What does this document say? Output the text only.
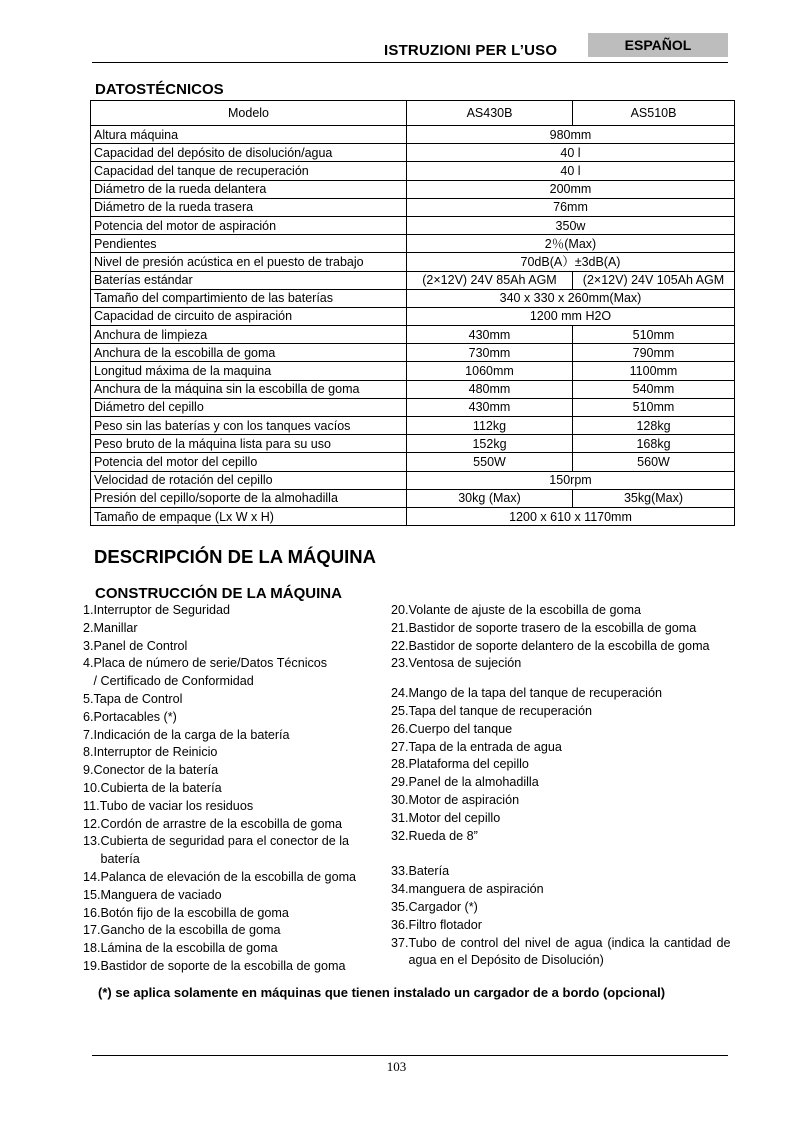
ISTRUZIONI PER L’USO	ESPAÑOL
DATOSTÉCNICOS
Modelo	AS430B	AS510B
Altura máquina	980mm	
Capacidad del depósito de disolución/agua	40 l	
Capacidad del tanque de recuperación	40 l	
Diámetro de la rueda delantera	200mm	
Diámetro de la rueda trasera	76mm	
Potencia del motor de aspiración	350w	
Pendientes	2％(Max)	
Nivel de presión acústica en el puesto de trabajo	70dB(A）±3dB(A)	
Baterías estándar	(2×12V) 24V 85Ah AGM	(2×12V) 24V 105Ah AGM
Tamaño del compartimiento de las baterías	340 x 330 x 260mm(Max)	
Capacidad de circuito de aspiración	1200 mm H2O	
Anchura de limpieza	430mm	510mm
Anchura de la escobilla de goma	730mm	790mm
Longitud máxima de la maquina	1060mm	1100mm
Anchura de la máquina sin la escobilla de goma	480mm	540mm
Diámetro del cepillo	430mm	510mm
Peso sin las baterías y con los tanques vacíos	112kg	128kg
Peso bruto de la máquina lista para su uso	152kg	168kg
Potencia del motor del cepillo	550W	560W
Velocidad de rotación del cepillo	150rpm	
Presión del cepillo/soporte de la almohadilla	30kg (Max)	35kg(Max)
Tamaño de empaque (Lx W x H)	1200 x 610 x 1170mm	
DESCRIPCIÓN DE LA MÁQUINA
CONSTRUCCIÓN DE LA MÁQUINA
1. Interruptor de Seguridad
2. Manillar
3. Panel de Control
4. Placa de número de serie/Datos Técnicos
/ Certificado de Conformidad
5. Tapa de Control
6. Portacables (*)
7. Indicación de la carga de la batería
8. Interruptor de Reinicio
9. Conector de la batería
10. Cubierta de la batería
11. Tubo de vaciar los residuos
12. Cordón de arrastre de la escobilla de goma
13. Cubierta de seguridad para el conector de la
batería
14. Palanca de elevación de la escobilla de goma
15. Manguera de vaciado
16. Botón fijo de la escobilla de goma
17. Gancho de la escobilla de goma
18. Lámina de la escobilla de goma
19. Bastidor de soporte de la escobilla de goma
20. Volante de ajuste de la escobilla de goma
21. Bastidor de soporte trasero de la escobilla de goma
22. Bastidor de soporte delantero de la escobilla de goma
23. Ventosa de sujeción
24. Mango de la tapa del tanque de recuperación
25. Tapa del tanque de recuperación
26. Cuerpo del tanque
27. Tapa de la entrada de agua
28. Plataforma del cepillo
29. Panel de la almohadilla
30. Motor de aspiración
31. Motor del cepillo
32. Rueda de 8”
33. Batería
34. manguera de aspiración
35. Cargador (*)
36. Filtro flotador
37. Tubo de control del nivel de agua (indica la cantidad de agua en el Depósito de Disolución)
(*) se aplica solamente en máquinas que tienen instalado un cargador de a bordo (opcional)
103
